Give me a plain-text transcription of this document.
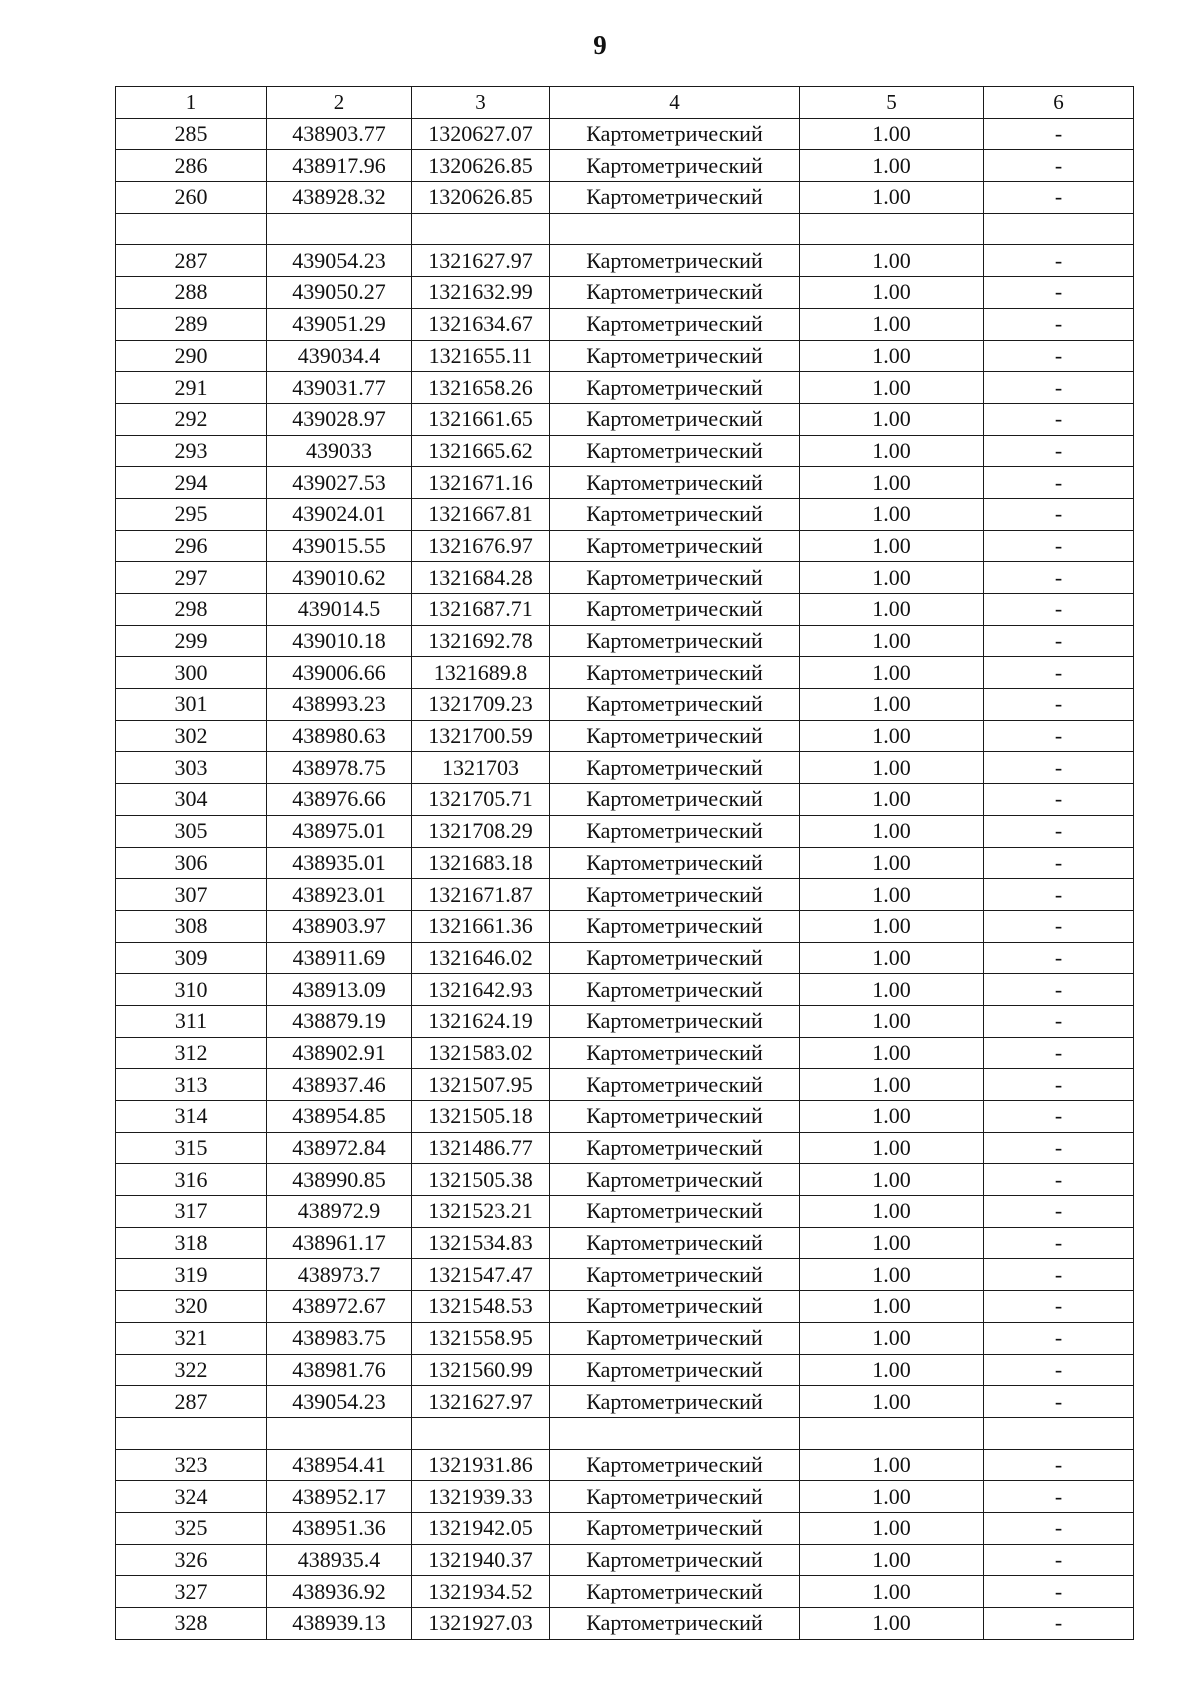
9
1	2	3	4	5	6
285	438903.77	1320627.07	Картометрический	1.00	-
286	438917.96	1320626.85	Картометрический	1.00	-
260	438928.32	1320626.85	Картометрический	1.00	-

287	439054.23	1321627.97	Картометрический	1.00	-
288	439050.27	1321632.99	Картометрический	1.00	-
289	439051.29	1321634.67	Картометрический	1.00	-
290	439034.4	1321655.11	Картометрический	1.00	-
291	439031.77	1321658.26	Картометрический	1.00	-
292	439028.97	1321661.65	Картометрический	1.00	-
293	439033	1321665.62	Картометрический	1.00	-
294	439027.53	1321671.16	Картометрический	1.00	-
295	439024.01	1321667.81	Картометрический	1.00	-
296	439015.55	1321676.97	Картометрический	1.00	-
297	439010.62	1321684.28	Картометрический	1.00	-
298	439014.5	1321687.71	Картометрический	1.00	-
299	439010.18	1321692.78	Картометрический	1.00	-
300	439006.66	1321689.8	Картометрический	1.00	-
301	438993.23	1321709.23	Картометрический	1.00	-
302	438980.63	1321700.59	Картометрический	1.00	-
303	438978.75	1321703	Картометрический	1.00	-
304	438976.66	1321705.71	Картометрический	1.00	-
305	438975.01	1321708.29	Картометрический	1.00	-
306	438935.01	1321683.18	Картометрический	1.00	-
307	438923.01	1321671.87	Картометрический	1.00	-
308	438903.97	1321661.36	Картометрический	1.00	-
309	438911.69	1321646.02	Картометрический	1.00	-
310	438913.09	1321642.93	Картометрический	1.00	-
311	438879.19	1321624.19	Картометрический	1.00	-
312	438902.91	1321583.02	Картометрический	1.00	-
313	438937.46	1321507.95	Картометрический	1.00	-
314	438954.85	1321505.18	Картометрический	1.00	-
315	438972.84	1321486.77	Картометрический	1.00	-
316	438990.85	1321505.38	Картометрический	1.00	-
317	438972.9	1321523.21	Картометрический	1.00	-
318	438961.17	1321534.83	Картометрический	1.00	-
319	438973.7	1321547.47	Картометрический	1.00	-
320	438972.67	1321548.53	Картометрический	1.00	-
321	438983.75	1321558.95	Картометрический	1.00	-
322	438981.76	1321560.99	Картометрический	1.00	-
287	439054.23	1321627.97	Картометрический	1.00	-

323	438954.41	1321931.86	Картометрический	1.00	-
324	438952.17	1321939.33	Картометрический	1.00	-
325	438951.36	1321942.05	Картометрический	1.00	-
326	438935.4	1321940.37	Картометрический	1.00	-
327	438936.92	1321934.52	Картометрический	1.00	-
328	438939.13	1321927.03	Картометрический	1.00	-
